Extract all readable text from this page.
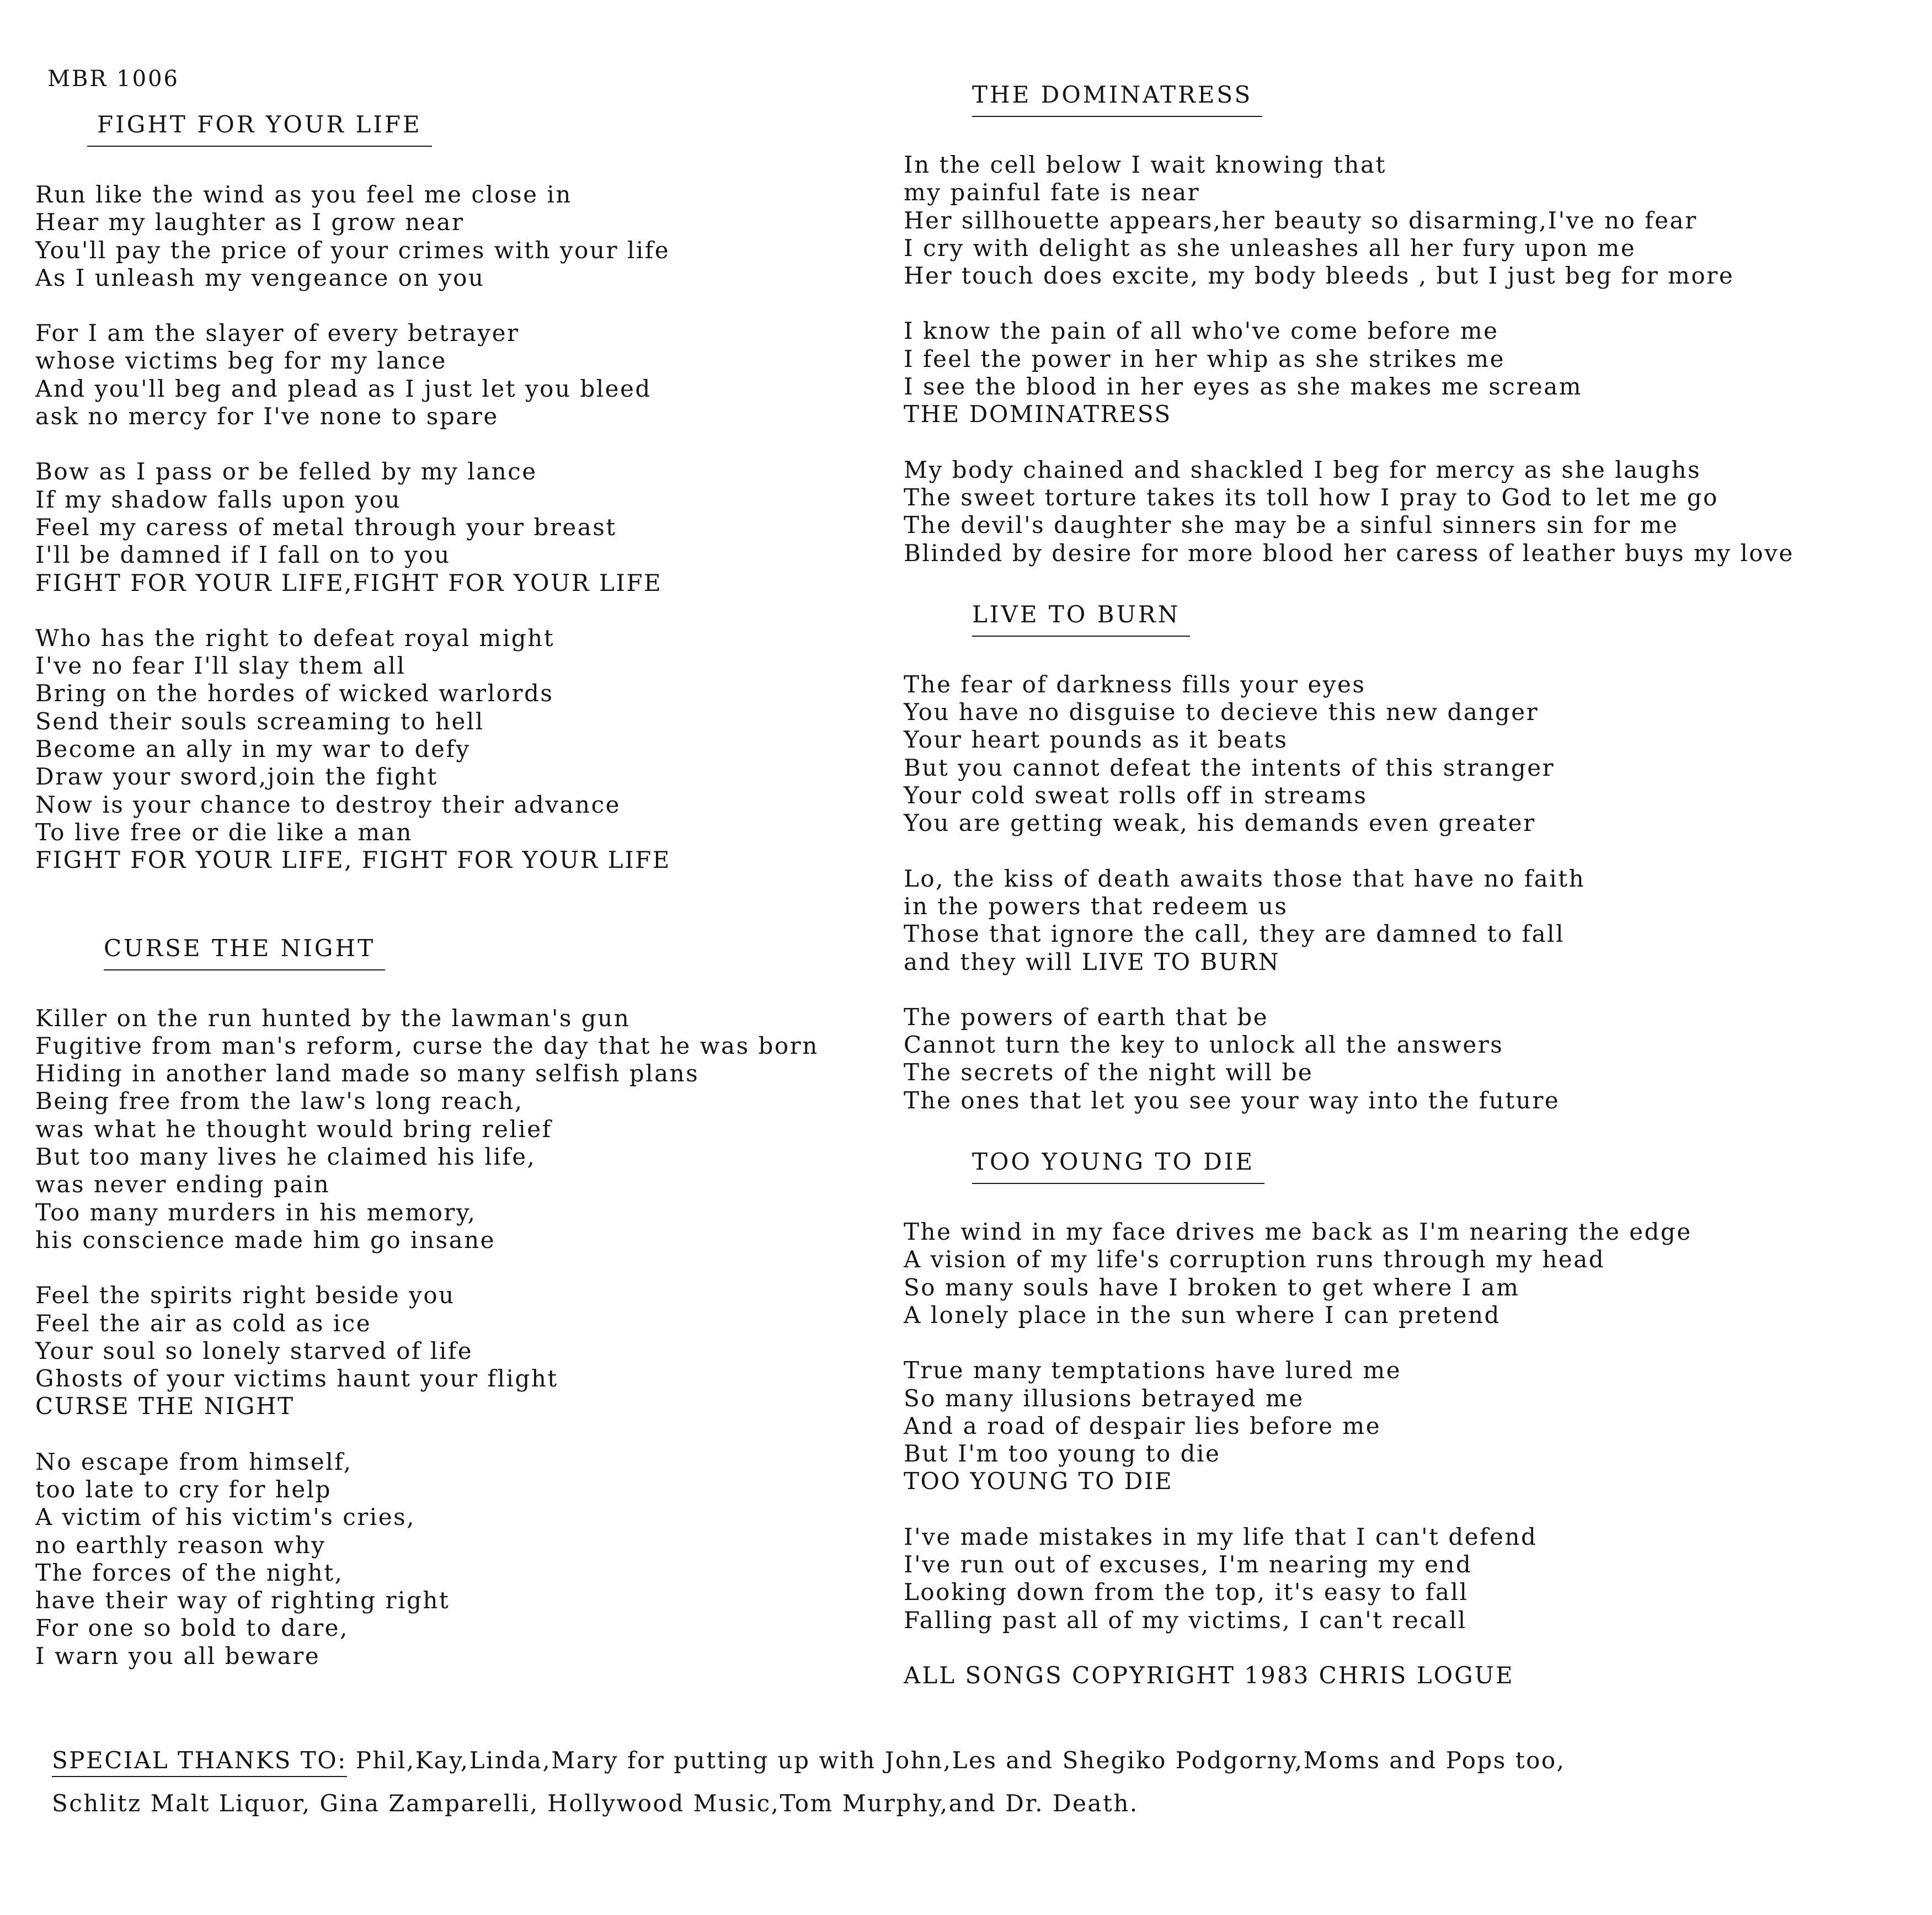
MBR 1006
FIGHT FOR YOUR LIFE
Run like the wind as you feel me close in
Hear my laughter as I grow near
You'll pay the price of your crimes with your life
As I unleash my vengeance on you
For I am the slayer of every betrayer
whose victims beg for my lance
And you'll beg and plead as I just let you bleed
ask no mercy for I've none to spare
Bow as I pass or be felled by my lance
If my shadow falls upon you
Feel my caress of metal through your breast
I'll be damned if I fall on to you
FIGHT FOR YOUR LIFE,FIGHT FOR YOUR LIFE
Who has the right to defeat royal might
I've no fear I'll slay them all
Bring on the hordes of wicked warlords
Send their souls screaming to hell
Become an ally in my war to defy
Draw your sword,join the fight
Now is your chance to destroy their advance
To live free or die like a man
FIGHT FOR YOUR LIFE, FIGHT FOR YOUR LIFE
CURSE THE NIGHT
Killer on the run hunted by the lawman's gun
Fugitive from man's reform, curse the day that he was born
Hiding in another land made so many selfish plans
Being free from the law's long reach,
was what he thought would bring relief
But too many lives he claimed his life,
was never ending pain
Too many murders in his memory,
his conscience made him go insane
Feel the spirits right beside you
Feel the air as cold as ice
Your soul so lonely starved of life
Ghosts of your victims haunt your flight
CURSE THE NIGHT
No escape from himself,
too late to cry for help
A victim of his victim's cries,
no earthly reason why
The forces of the night,
have their way of righting right
For one so bold to dare,
I warn you all beware
THE DOMINATRESS
In the cell below I wait knowing that
my painful fate is near
Her sillhouette appears,her beauty so disarming,I've no fear
I cry with delight as she unleashes all her fury upon me
Her touch does excite, my body bleeds , but I just beg for more
I know the pain of all who've come before me
I feel the power in her whip as she strikes me
I see the blood in her eyes as she makes me scream
THE DOMINATRESS
My body chained and shackled I beg for mercy as she laughs
The sweet torture takes its toll how I pray to God to let me go
The devil's daughter she may be a sinful sinners sin for me
Blinded by desire for more blood her caress of leather buys my love
LIVE TO BURN
The fear of darkness fills your eyes
You have no disguise to decieve this new danger
Your heart pounds as it beats
But you cannot defeat the intents of this stranger
Your cold sweat rolls off in streams
You are getting weak, his demands even greater
Lo, the kiss of death awaits those that have no faith
in the powers that redeem us
Those that ignore the call, they are damned to fall
and they will LIVE TO BURN
The powers of earth that be
Cannot turn the key to unlock all the answers
The secrets of the night will be
The ones that let you see your way into the future
TOO YOUNG TO DIE
The wind in my face drives me back as I'm nearing the edge
A vision of my life's corruption runs through my head
So many souls have I broken to get where I am
A lonely place in the sun where I can pretend
True many temptations have lured me
So many illusions betrayed me
And a road of despair lies before me
But I'm too young to die
TOO YOUNG TO DIE
I've made mistakes in my life that I can't defend
I've run out of excuses, I'm nearing my end
Looking down from the top, it's easy to fall
Falling past all of my victims, I can't recall
ALL SONGS COPYRIGHT 1983 CHRIS LOGUE
SPECIAL THANKS TO: Phil,Kay,Linda,Mary for putting up with John,Les and Shegiko Podgorny,Moms and Pops too,
Schlitz Malt Liquor, Gina Zamparelli, Hollywood Music,Tom Murphy,and Dr. Death.
